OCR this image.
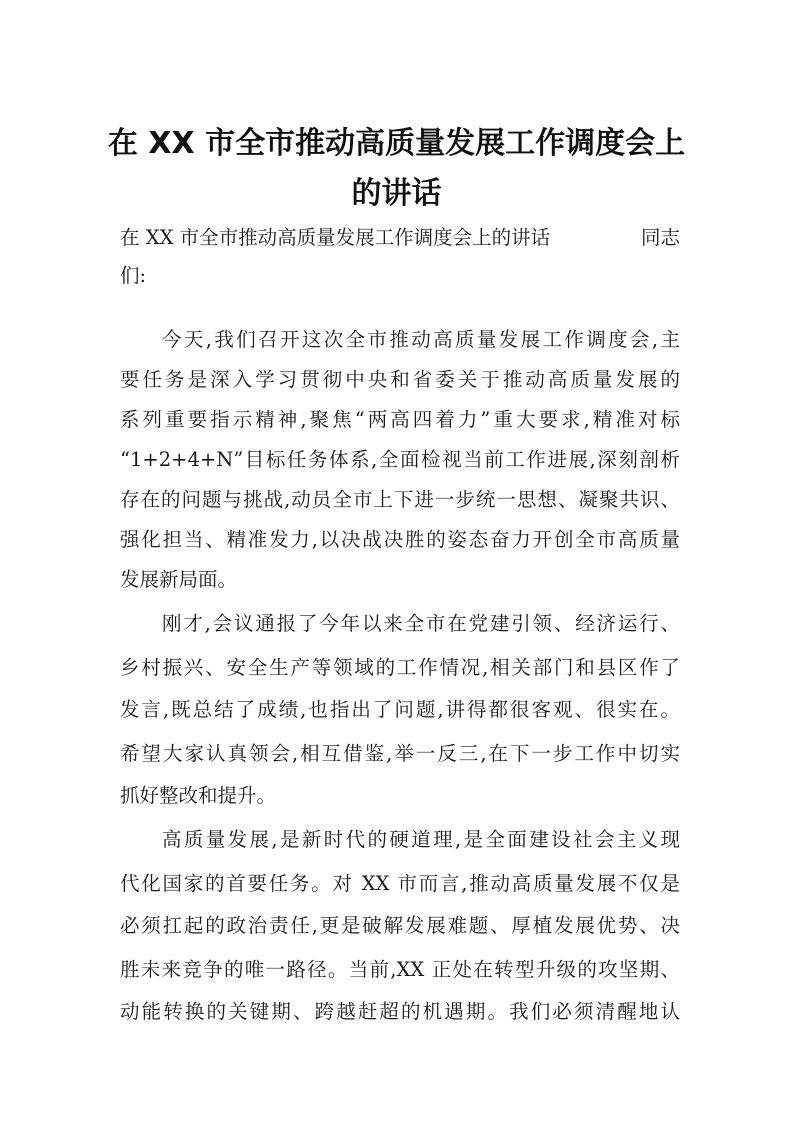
在 XX 市全市推动高质量发展工作调度会上
的讲话
在 XX 市全市推动高质量发展工作调度会上的讲话	同志
们:
今天,我们召开这次全市推动高质量发展工作调度会,主
要任务是深入学习贯彻中央和省委关于推动高质量发展的
系列重要指示精神,聚焦“两高四着力”重大要求,精准对标
“1+2+4+N”目标任务体系,全面检视当前工作进展,深刻剖析
存在的问题与挑战,动员全市上下进一步统一思想、凝聚共识、
强化担当、精准发力,以决战决胜的姿态奋力开创全市高质量
发展新局面。
刚才,会议通报了今年以来全市在党建引领、经济运行、
乡村振兴、安全生产等领域的工作情况,相关部门和县区作了
发言,既总结了成绩,也指出了问题,讲得都很客观、很实在。
希望大家认真领会,相互借鉴,举一反三,在下一步工作中切实
抓好整改和提升。
高质量发展,是新时代的硬道理,是全面建设社会主义现
代化国家的首要任务。对 XX 市而言,推动高质量发展不仅是
必须扛起的政治责任,更是破解发展难题、厚植发展优势、决
胜未来竞争的唯一路径。当前,XX 正处在转型升级的攻坚期、
动能转换的关键期、跨越赶超的机遇期。我们必须清醒地认
